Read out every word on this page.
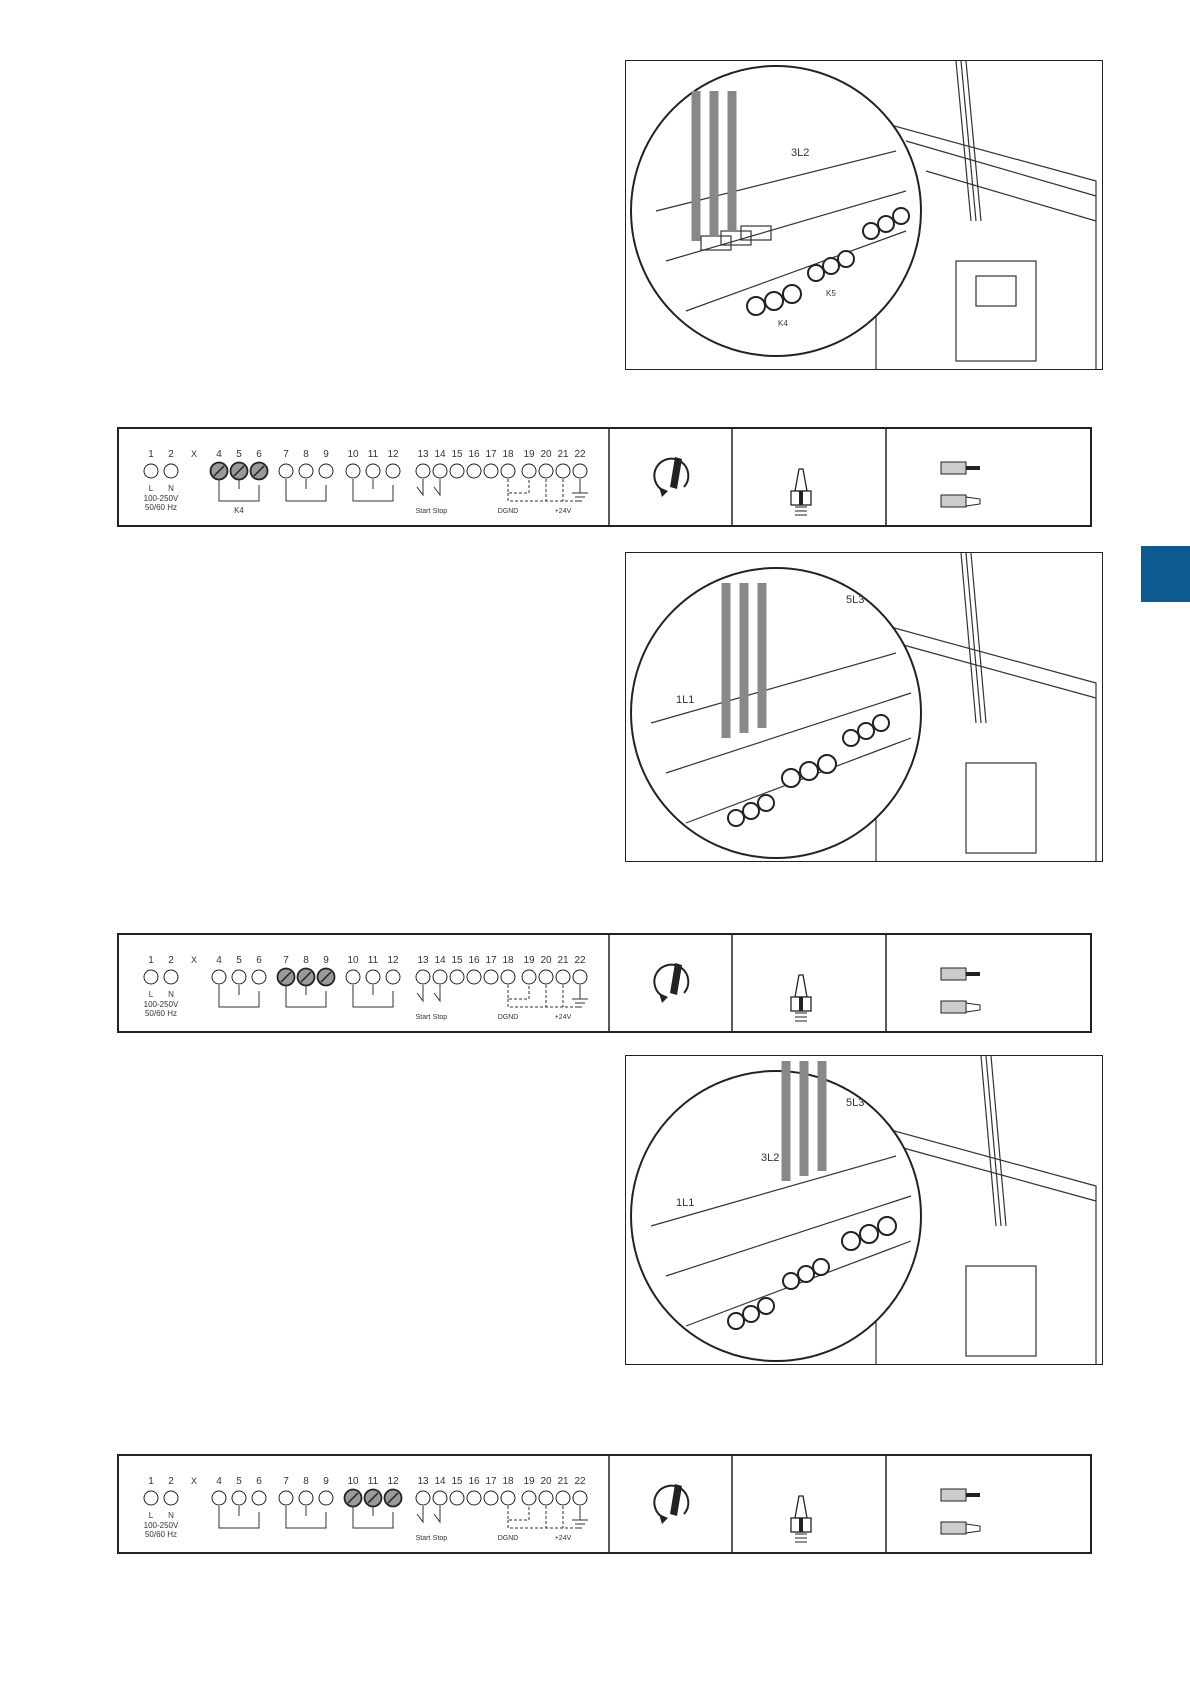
3L2
K4
K5
1 2	4 5 6 7 8 9 10 11 12 13 14 15 16 17 18 19 20 21 22
X
L N
100-250V
50/60 Hz	K4	Start Stop	DGND	+24V
5L3
1L1
1 2	4 5 6 7 8 9 10 11 12 13 14 15 16 17 18 19 20 21 22
X
L N
100-250V
50/60 Hz	Start Stop	DGND	+24V
5L3
3L2
1L1
1 2	4 5 6 7 8 9 10 11 12 13 14 15 16 17 18 19 20 21 22
X
L N
100-250V
50/60 Hz	Start Stop	DGND	+24V
